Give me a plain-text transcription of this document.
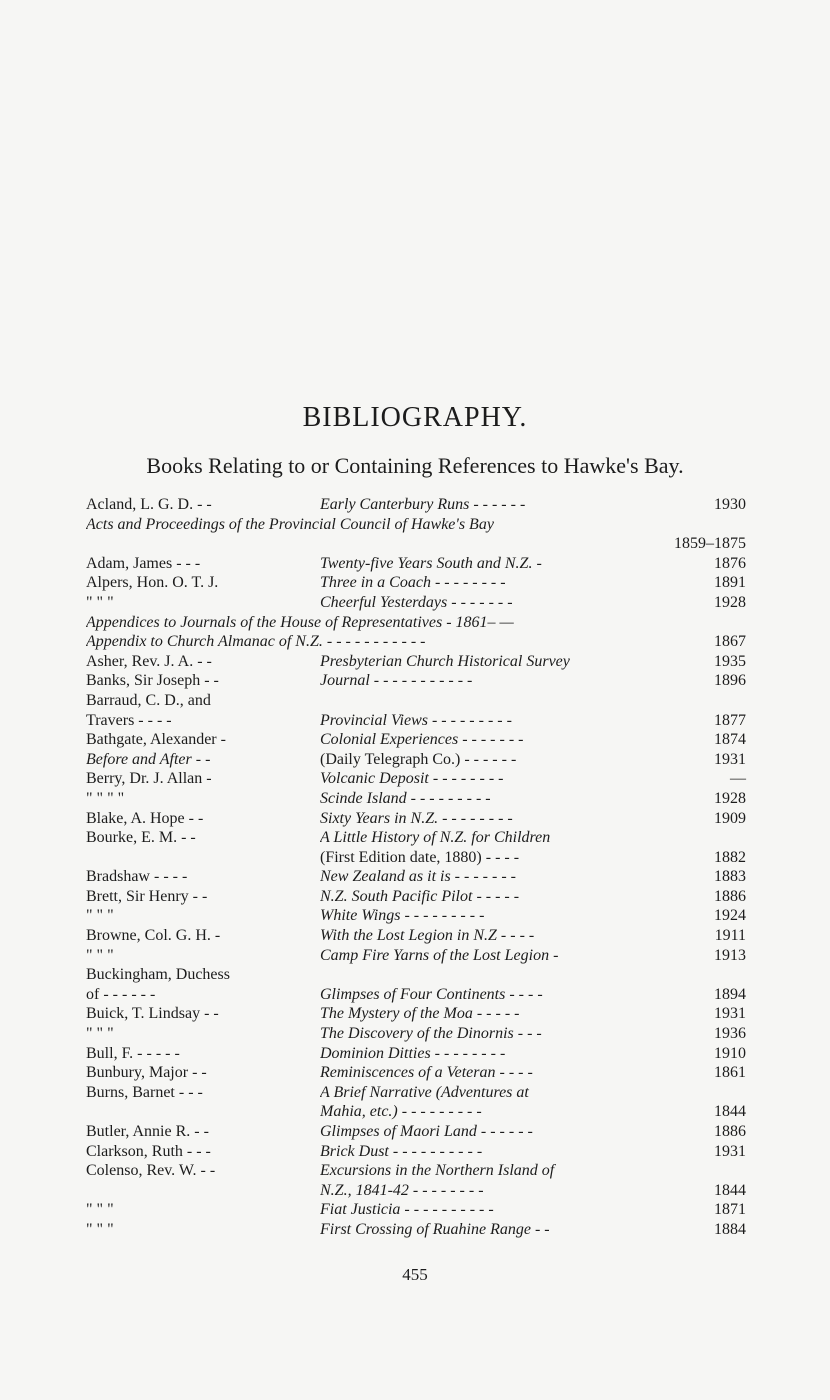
BIBLIOGRAPHY.
Books Relating to or Containing References to Hawke's Bay.
Acland, L. G. D. - -	Early Canterbury Runs - - - - - -	1930
Acts and Proceedings of the Provincial Council of Hawke's Bay
1859–1875
Adam, James - - -	Twenty-five Years South and N.Z. -	1876
Alpers, Hon. O. T. J.	Three in a Coach - - - - - - - -	1891
" " "	Cheerful Yesterdays - - - - - - -	1928
Appendices to Journals of the House of Representatives - 1861– —
Appendix to Church Almanac of N.Z. - - - - - - - - - - -	1867
Asher, Rev. J. A. - -	Presbyterian Church Historical Survey	1935
Banks, Sir Joseph - -	Journal - - - - - - - - - - -	1896
Barraud, C. D., and
Travers - - - -	Provincial Views - - - - - - - - -	1877
Bathgate, Alexander -	Colonial Experiences - - - - - - -	1874
Before and After - -	(Daily Telegraph Co.) - - - - - -	1931
Berry, Dr. J. Allan -	Volcanic Deposit - - - - - - - -	—
" " " "	Scinde Island - - - - - - - - -	1928
Blake, A. Hope - -	Sixty Years in N.Z. - - - - - - - -	1909
Bourke, E. M. - -	A Little History of N.Z. for Children
(First Edition date, 1880) - - - -	1882
Bradshaw - - - -	New Zealand as it is - - - - - - -	1883
Brett, Sir Henry - -	N.Z. South Pacific Pilot - - - - -	1886
" " "	White Wings - - - - - - - - -	1924
Browne, Col. G. H. -	With the Lost Legion in N.Z - - - -	1911
" " "	Camp Fire Yarns of the Lost Legion -	1913
Buckingham, Duchess
of - - - - - -	Glimpses of Four Continents - - - -	1894
Buick, T. Lindsay - -	The Mystery of the Moa - - - - -	1931
" " "	The Discovery of the Dinornis - - -	1936
Bull, F. - - - - -	Dominion Ditties - - - - - - - -	1910
Bunbury, Major - -	Reminiscences of a Veteran - - - -	1861
Burns, Barnet - - -	A Brief Narrative (Adventures at
Mahia, etc.) - - - - - - - - -	1844
Butler, Annie R. - -	Glimpses of Maori Land - - - - - -	1886
Clarkson, Ruth - - -	Brick Dust - - - - - - - - - -	1931
Colenso, Rev. W. - -	Excursions in the Northern Island of
N.Z., 1841-42 - - - - - - - -	1844
" " "	Fiat Justicia - - - - - - - - - -	1871
" " "	First Crossing of Ruahine Range - -	1884
455
